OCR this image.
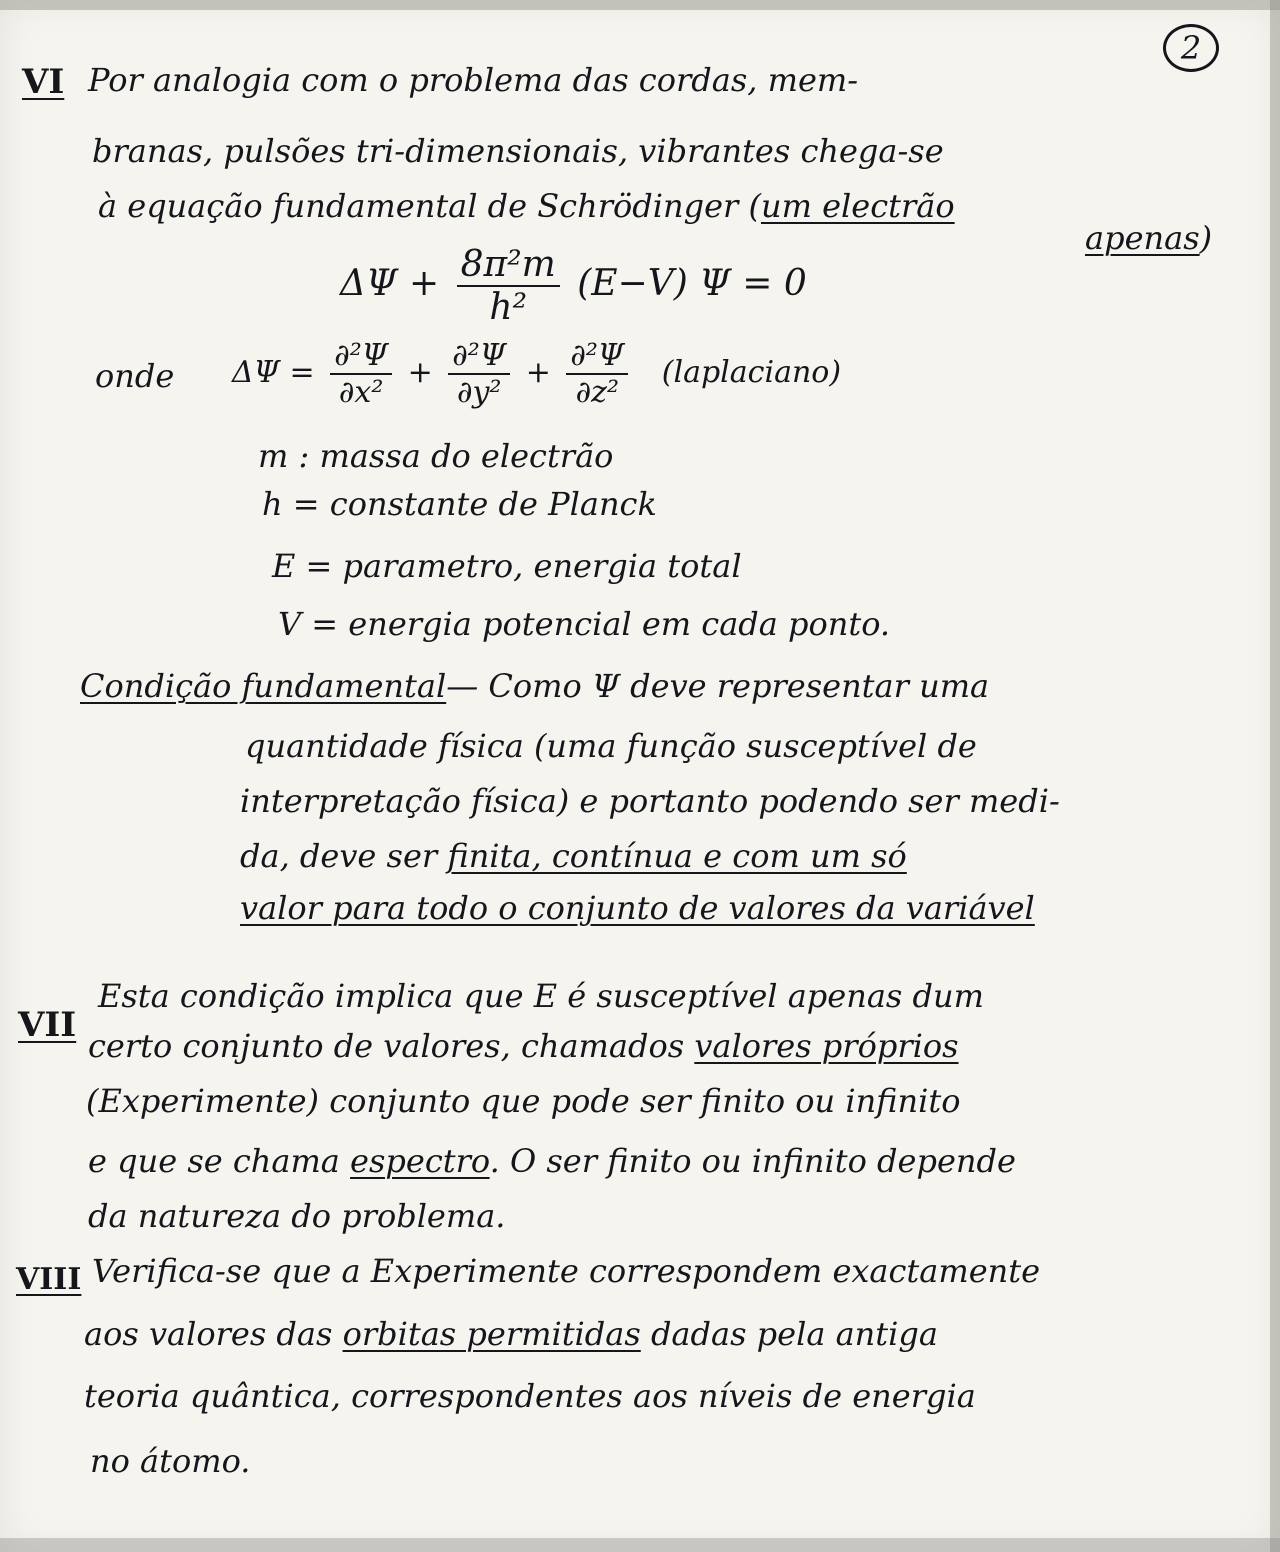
2
VI Por analogia com o problema das cordas, mem-
branas, pulsões tri-dimensionais, vibrantes chega-se
à equação fundamental de Schrödinger (um electrão
apenas)
$\Delta\Psi + \frac{\text{8π²m}}{\text{h²}} (E-V) \Psi = 0$
onde $\Delta\Psi = \frac{\text{∂²Ψ}}{\text{∂x²}} + \frac{\text{∂²Ψ}}{\text{∂y²}} + \frac{\text{∂²Ψ}}{\text{∂z²}}$ (laplaciano)
m : massa do electrão
h = constante de Planck
E = parametro, energia total
V = energia potencial em cada ponto.
Condição fundamental— Como Ψ deve representar uma
quantidade física (uma função susceptível de
interpretação física) e portanto podendo ser medi-
da, deve ser finita, contínua e com um só
valor para todo o conjunto de valores da variável
VII
Esta condição implica que E é susceptível apenas dum
certo conjunto de valores, chamados valores próprios
(Experimente) conjunto que pode ser finito ou infinito
e que se chama espectro. O ser finito ou infinito depende
da natureza do problema.
VIII Verifica-se que a Experimente correspondem exactamente
aos valores das orbitas permitidas dadas pela antiga
teoria quântica, correspondentes aos níveis de energia
no átomo.
